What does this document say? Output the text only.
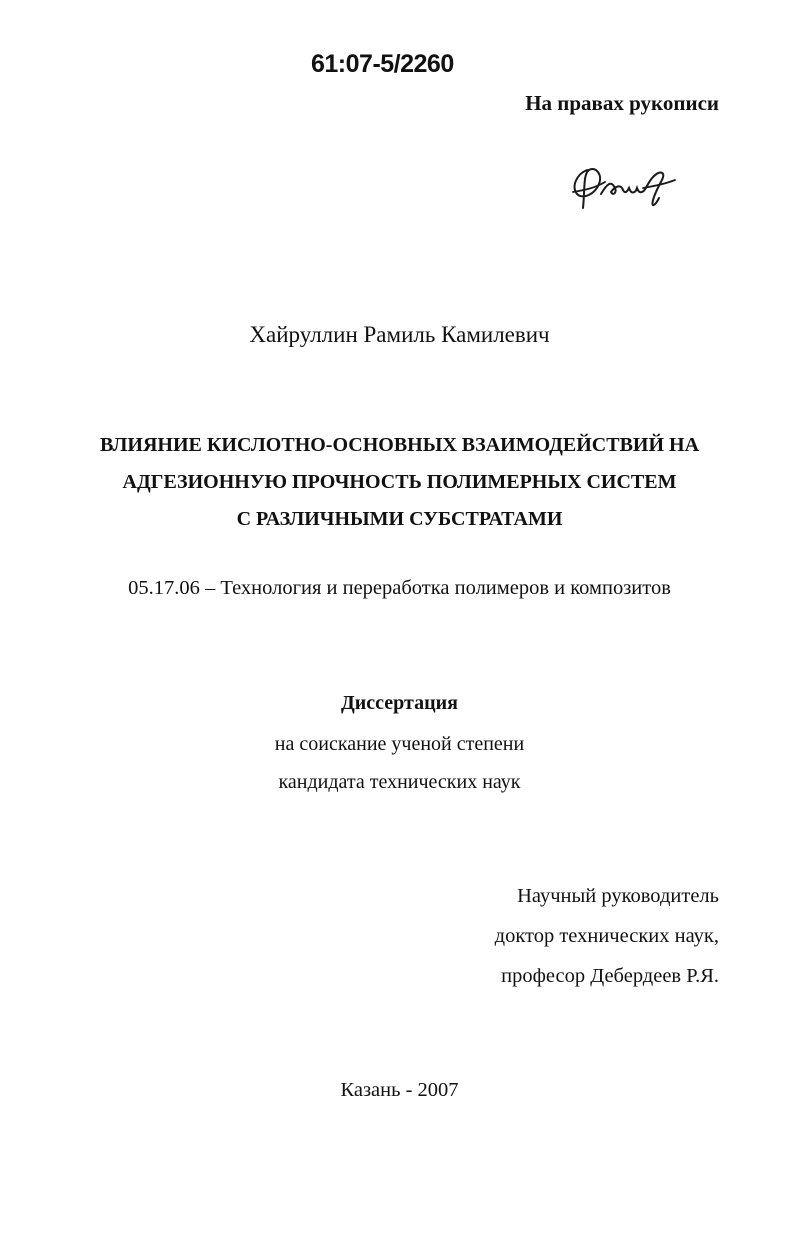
61:07-5/2260
На правах рукописи
Хайруллин Рамиль Камилевич
ВЛИЯНИЕ КИСЛОТНО-ОСНОВНЫХ ВЗАИМОДЕЙСТВИЙ НА
АДГЕЗИОННУЮ ПРОЧНОСТЬ ПОЛИМЕРНЫХ СИСТЕМ
С РАЗЛИЧНЫМИ СУБСТРАТАМИ
05.17.06 – Технология и переработка полимеров и композитов
Диссертация
на соискание ученой степени
кандидата технических наук
Научный руководитель
доктор технических наук,
професор Дебердеев Р.Я.
Казань - 2007
